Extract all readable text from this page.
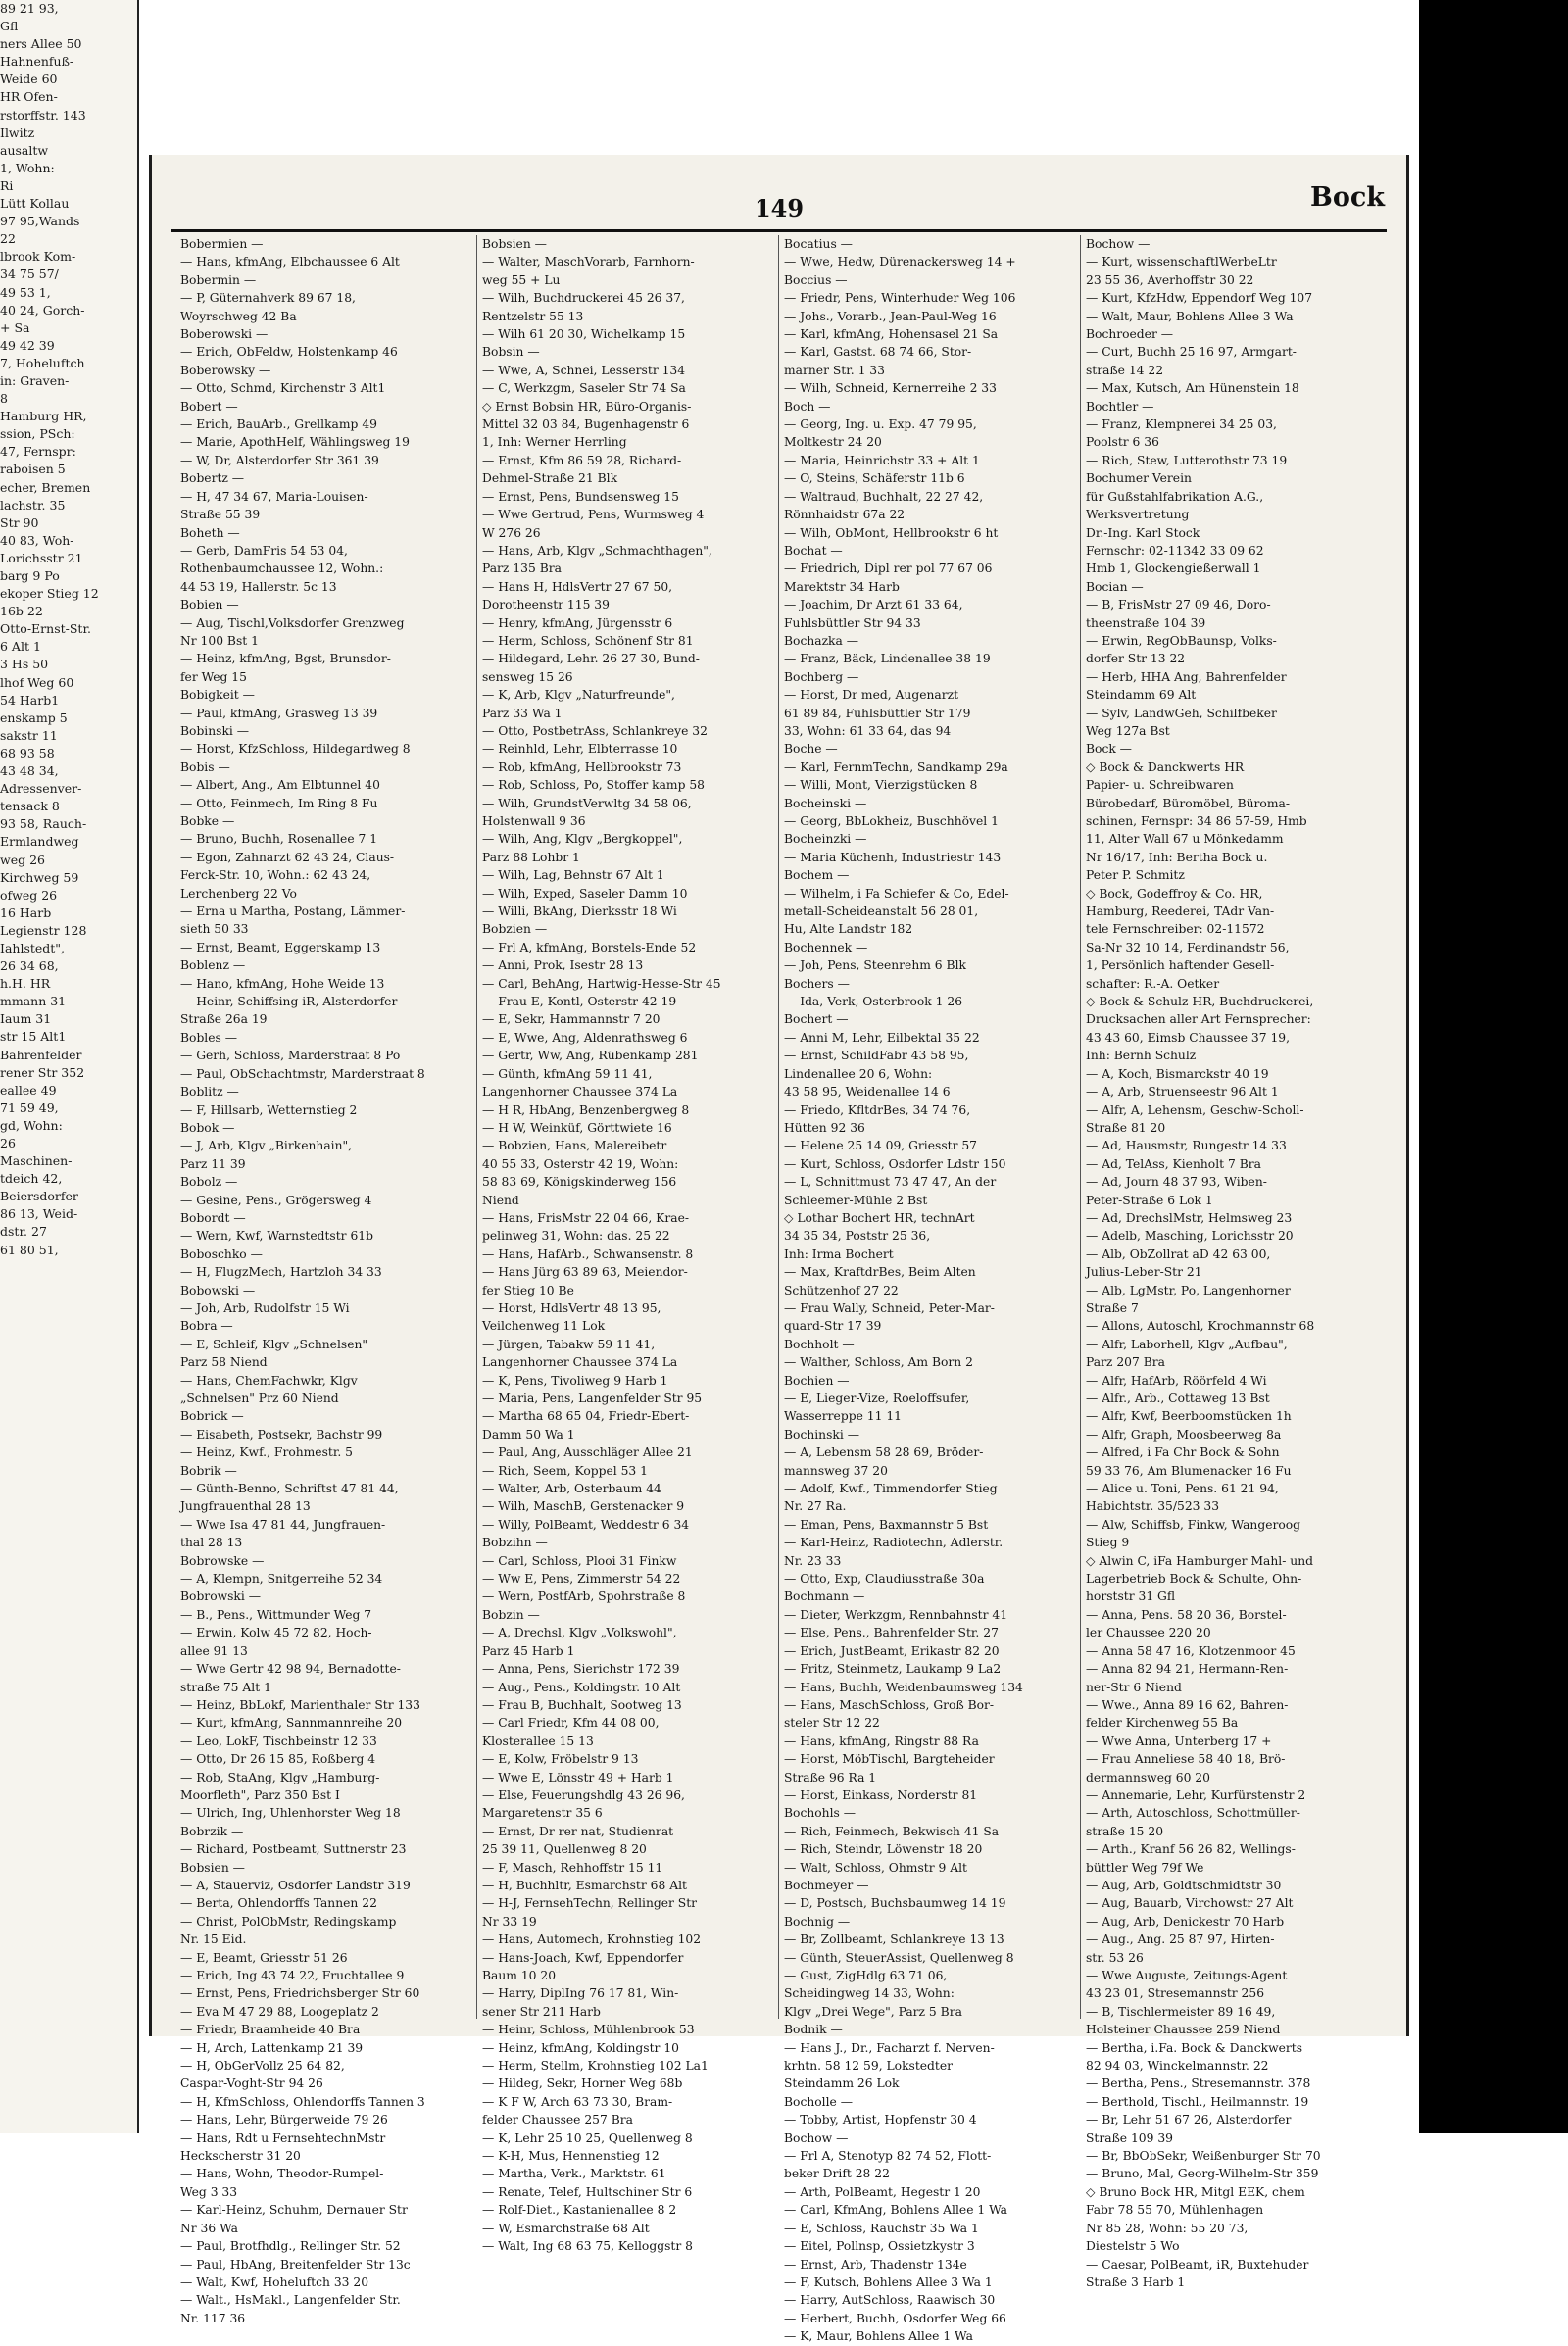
89 21 93,
Gfl
ners Allee 50
Hahnenfuß-
Weide 60
HR Ofen-
rstorffstr. 143
Ilwitz
ausaltw
1, Wohn:
Ri
Lütt Kollau
97 95,Wands
22
lbrook Kom-
34 75 57/
49 53 1,
40 24, Gorch-
+ Sa
49 42 39
7, Hoheluftch
in: Graven-
8
Hamburg HR,
ssion, PSch:
47, Fernspr:
raboisen 5
echer, Bremen
lachstr. 35
Str 90
40 83, Woh-
Lorichsstr 21
barg 9 Po
ekoper Stieg 12
16b 22
Otto-Ernst-Str.
6 Alt 1
3 Hs 50
lhof Weg 60
54 Harb1
enskamp 5
sakstr 11
68 93 58
43 48 34,
Adressenver-
tensack 8
93 58, Rauch-
Ermlandweg
weg 26
Kirchweg 59
ofweg 26
16 Harb
Legienstr 128
Iahlstedt",
26 34 68,
h.H. HR
mmann 31
Iaum 31
str 15 Alt1
Bahrenfelder
rener Str 352
eallee 49
71 59 49,
gd, Wohn:
26
Maschinen-
tdeich 42,
Beiersdorfer
86 13, Weid-
dstr. 27
61 80 51,
149	Bock
Bobermien —
— Hans, kfmAng, Elbchaussee 6 Alt
Bobermin —
— P, Güternahverk 89 67 18,
Woyrschweg 42 Ba
Boberowski —
— Erich, ObFeldw, Holstenkamp 46
Boberowsky —
— Otto, Schmd, Kirchenstr 3 Alt1
Bobert —
— Erich, BauArb., Grellkamp 49
— Marie, ApothHelf, Wählingsweg 19
— W, Dr, Alsterdorfer Str 361 39
Bobertz —
— H, 47 34 67, Maria-Louisen-
Straße 55 39
Boheth —
— Gerb, DamFris 54 53 04,
Rothenbaumchaussee 12, Wohn.:
44 53 19, Hallerstr. 5c 13
Bobien —
— Aug, Tischl,Volksdorfer Grenzweg
Nr 100 Bst 1
— Heinz, kfmAng, Bgst, Brunsdor-
fer Weg 15
Bobigkeit —
— Paul, kfmAng, Grasweg 13 39
Bobinski —
— Horst, KfzSchloss, Hildegardweg 8
Bobis —
— Albert, Ang., Am Elbtunnel 40
— Otto, Feinmech, Im Ring 8 Fu
Bobke —
— Bruno, Buchh, Rosenallee 7 1
— Egon, Zahnarzt 62 43 24, Claus-
Ferck-Str. 10, Wohn.: 62 43 24,
Lerchenberg 22 Vo
— Erna u Martha, Postang, Lämmer-
sieth 50 33
— Ernst, Beamt, Eggerskamp 13
Boblenz —
— Hano, kfmAng, Hohe Weide 13
— Heinr, Schiffsing iR, Alsterdorfer
Straße 26a 19
Bobles —
— Gerh, Schloss, Marderstraat 8 Po
— Paul, ObSchachtmstr, Marderstraat 8
Boblitz —
— F, Hillsarb, Wetternstieg 2
Bobok —
— J, Arb, Klgv „Birkenhain",
Parz 11 39
Bobolz —
— Gesine, Pens., Grögersweg 4
Bobordt —
— Wern, Kwf, Warnstedtstr 61b
Boboschko —
— H, FlugzMech, Hartzloh 34 33
Bobowski —
— Joh, Arb, Rudolfstr 15 Wi
Bobra —
— E, Schleif, Klgv „Schnelsen"
Parz 58 Niend
— Hans, ChemFachwkr, Klgv
„Schnelsen" Prz 60 Niend
Bobrick —
— Eisabeth, Postsekr, Bachstr 99
— Heinz, Kwf., Frohmestr. 5
Bobrik —
— Günth-Benno, Schriftst 47 81 44,
Jungfrauenthal 28 13
— Wwe Isa 47 81 44, Jungfrauen-
thal 28 13
Bobrowske —
— A, Klempn, Snitgerreihe 52 34
Bobrowski —
— B., Pens., Wittmunder Weg 7
— Erwin, Kolw 45 72 82, Hoch-
allee 91 13
— Wwe Gertr 42 98 94, Bernadotte-
straße 75 Alt 1
— Heinz, BbLokf, Marienthaler Str 133
— Kurt, kfmAng, Sannmannreihe 20
— Leo, LokF, Tischbeinstr 12 33
— Otto, Dr 26 15 85, Roßberg 4
— Rob, StaAng, Klgv „Hamburg-
Moorfleth", Parz 350 Bst I
— Ulrich, Ing, Uhlenhorster Weg 18
Bobrzik —
— Richard, Postbeamt, Suttnerstr 23
Bobsien —
— A, Stauerviz, Osdorfer Landstr 319
— Berta, Ohlendorffs Tannen 22
— Christ, PolObMstr, Redingskamp
Nr. 15 Eid.
— E, Beamt, Griesstr 51 26
— Erich, Ing 43 74 22, Fruchtallee 9
— Ernst, Pens, Friedrichsberger Str 60
— Eva M 47 29 88, Loogeplatz 2
— Friedr, Braamheide 40 Bra
— H, Arch, Lattenkamp 21 39
— H, ObGerVollz 25 64 82,
Caspar-Voght-Str 94 26
— H, KfmSchloss, Ohlendorffs Tannen 3
— Hans, Lehr, Bürgerweide 79 26
— Hans, Rdt u FernsehtechnMstr
Heckscherstr 31 20
— Hans, Wohn, Theodor-Rumpel-
Weg 3 33
— Karl-Heinz, Schuhm, Dernauer Str
Nr 36 Wa
— Paul, Brotfhdlg., Rellinger Str. 52
— Paul, HbAng, Breitenfelder Str 13c
— Walt, Kwf, Hoheluftch 33 20
— Walt., HsMakl., Langenfelder Str.
Nr. 117 36
Bobsien —
— Walter, MaschVorarb, Farnhorn-
weg 55 + Lu
— Wilh, Buchdruckerei 45 26 37,
Rentzelstr 55 13
— Wilh 61 20 30, Wichelkamp 15
Bobsin —
— Wwe, A, Schnei, Lesserstr 134
— C, Werkzgm, Saseler Str 74 Sa
◇ Ernst Bobsin HR, Büro-Organis-
Mittel 32 03 84, Bugenhagenstr 6
1, Inh: Werner Herrling
— Ernst, Kfm 86 59 28, Richard-
Dehmel-Straße 21 Blk
— Ernst, Pens, Bundsensweg 15
— Wwe Gertrud, Pens, Wurmsweg 4
W 276 26
— Hans, Arb, Klgv „Schmachthagen",
Parz 135 Bra
— Hans H, HdlsVertr 27 67 50,
Dorotheenstr 115 39
— Henry, kfmAng, Jürgensstr 6
— Herm, Schloss, Schönenf Str 81
— Hildegard, Lehr. 26 27 30, Bund-
sensweg 15 26
— K, Arb, Klgv „Naturfreunde",
Parz 33 Wa 1
— Otto, PostbetrAss, Schlankreye 32
— Reinhld, Lehr, Elbterrasse 10
— Rob, kfmAng, Hellbrookstr 73
— Rob, Schloss, Po, Stoffer kamp 58
— Wilh, GrundstVerwltg 34 58 06,
Holstenwall 9 36
— Wilh, Ang, Klgv „Bergkoppel",
Parz 88 Lohbr 1
— Wilh, Lag, Behnstr 67 Alt 1
— Wilh, Exped, Saseler Damm 10
— Willi, BkAng, Dierksstr 18 Wi
Bobzien —
— Frl A, kfmAng, Borstels-Ende 52
— Anni, Prok, Isestr 28 13
— Carl, BehAng, Hartwig-Hesse-Str 45
— Frau E, Kontl, Osterstr 42 19
— E, Sekr, Hammannstr 7 20
— E, Wwe, Ang, Aldenrathsweg 6
— Gertr, Ww, Ang, Rübenkamp 281
— Günth, kfmAng 59 11 41,
Langenhorner Chaussee 374 La
— H R, HbAng, Benzenbergweg 8
— H W, Weinküf, Görttwiete 16
— Bobzien, Hans, Malereibetr
40 55 33, Osterstr 42 19, Wohn:
58 83 69, Königskinderweg 156
Niend
— Hans, FrisMstr 22 04 66, Krae-
pelinweg 31, Wohn: das. 25 22
— Hans, HafArb., Schwansenstr. 8
— Hans Jürg 63 89 63, Meiendor-
fer Stieg 10 Be
— Horst, HdlsVertr 48 13 95,
Veilchenweg 11 Lok
— Jürgen, Tabakw 59 11 41,
Langenhorner Chaussee 374 La
— K, Pens, Tivoliweg 9 Harb 1
— Maria, Pens, Langenfelder Str 95
— Martha 68 65 04, Friedr-Ebert-
Damm 50 Wa 1
— Paul, Ang, Ausschläger Allee 21
— Rich, Seem, Koppel 53 1
— Walter, Arb, Osterbaum 44
— Wilh, MaschB, Gerstenacker 9
— Willy, PolBeamt, Weddestr 6 34
Bobzihn —
— Carl, Schloss, Plooi 31 Finkw
— Ww E, Pens, Zimmerstr 54 22
— Wern, PostfArb, Spohrstraße 8
Bobzin —
— A, Drechsl, Klgv „Volkswohl",
Parz 45 Harb 1
— Anna, Pens, Sierichstr 172 39
— Aug., Pens., Koldingstr. 10 Alt
— Frau B, Buchhalt, Sootweg 13
— Carl Friedr, Kfm 44 08 00,
Klosterallee 15 13
— E, Kolw, Fröbelstr 9 13
— Wwe E, Lönsstr 49 + Harb 1
— Else, Feuerungshdlg 43 26 96,
Margaretenstr 35 6
— Ernst, Dr rer nat, Studienrat
25 39 11, Quellenweg 8 20
— F, Masch, Rehhoffstr 15 11
— H, Buchhltr, Esmarchstr 68 Alt
— H-J, FernsehTechn, Rellinger Str
Nr 33 19
— Hans, Automech, Krohnstieg 102
— Hans-Joach, Kwf, Eppendorfer
Baum 10 20
— Harry, DiplIng 76 17 81, Win-
sener Str 211 Harb
— Heinr, Schloss, Mühlenbrook 53
— Heinz, kfmAng, Koldingstr 10
— Herm, Stellm, Krohnstieg 102 La1
— Hildeg, Sekr, Horner Weg 68b
— K F W, Arch 63 73 30, Bram-
felder Chaussee 257 Bra
— K, Lehr 25 10 25, Quellenweg 8
— K-H, Mus, Hennenstieg 12
— Martha, Verk., Marktstr. 61
— Renate, Telef, Hultschiner Str 6
— Rolf-Diet., Kastanienallee 8 2
— W, Esmarchstraße 68 Alt
— Walt, Ing 68 63 75, Kelloggstr 8
Bocatius —
— Wwe, Hedw, Dürenackersweg 14 +
Boccius —
— Friedr, Pens, Winterhuder Weg 106
— Johs., Vorarb., Jean-Paul-Weg 16
— Karl, kfmAng, Hohensasel 21 Sa
— Karl, Gastst. 68 74 66, Stor-
marner Str. 1 33
— Wilh, Schneid, Kernerreihe 2 33
Boch —
— Georg, Ing. u. Exp. 47 79 95,
Moltkestr 24 20
— Maria, Heinrichstr 33 + Alt 1
— O, Steins, Schäferstr 11b 6
— Waltraud, Buchhalt, 22 27 42,
Rönnhaidstr 67a 22
— Wilh, ObMont, Hellbrookstr 6 ht
Bochat —
— Friedrich, Dipl rer pol 77 67 06
Marektstr 34 Harb
— Joachim, Dr Arzt 61 33 64,
Fuhlsbüttler Str 94 33
Bochazka —
— Franz, Bäck, Lindenallee 38 19
Bochberg —
— Horst, Dr med, Augenarzt
61 89 84, Fuhlsbüttler Str 179
33, Wohn: 61 33 64, das 94
Boche —
— Karl, FernmTechn, Sandkamp 29a
— Willi, Mont, Vierzigstücken 8
Bocheinski —
— Georg, BbLokheiz, Buschhövel 1
Bocheinzki —
— Maria Küchenh, Industriestr 143
Bochem —
— Wilhelm, i Fa Schiefer & Co, Edel-
metall-Scheideanstalt 56 28 01,
Hu, Alte Landstr 182
Bochennek —
— Joh, Pens, Steenrehm 6 Blk
Bochers —
— Ida, Verk, Osterbrook 1 26
Bochert —
— Anni M, Lehr, Eilbektal 35 22
— Ernst, SchildFabr 43 58 95,
Lindenallee 20 6, Wohn:
43 58 95, Weidenallee 14 6
— Friedo, KfltdrBes, 34 74 76,
Hütten 92 36
— Helene 25 14 09, Griesstr 57
— Kurt, Schloss, Osdorfer Ldstr 150
— L, Schnittmust 73 47 47, An der
Schleemer-Mühle 2 Bst
◇ Lothar Bochert HR, technArt
34 35 34, Poststr 25 36,
Inh: Irma Bochert
— Max, KraftdrBes, Beim Alten
Schützenhof 27 22
— Frau Wally, Schneid, Peter-Mar-
quard-Str 17 39
Bochholt —
— Walther, Schloss, Am Born 2
Bochien —
— E, Lieger-Vize, Roeloffsufer,
Wasserreppe 11 11
Bochinski —
— A, Lebensm 58 28 69, Bröder-
mannsweg 37 20
— Adolf, Kwf., Timmendorfer Stieg
Nr. 27 Ra.
— Eman, Pens, Baxmannstr 5 Bst
— Karl-Heinz, Radiotechn, Adlerstr.
Nr. 23 33
— Otto, Exp, Claudiusstraße 30a
Bochmann —
— Dieter, Werkzgm, Rennbahnstr 41
— Else, Pens., Bahrenfelder Str. 27
— Erich, JustBeamt, Erikastr 82 20
— Fritz, Steinmetz, Laukamp 9 La2
— Hans, Buchh, Weidenbaumsweg 134
— Hans, MaschSchloss, Groß Bor-
steler Str 12 22
— Hans, kfmAng, Ringstr 88 Ra
— Horst, MöbTischl, Bargteheider
Straße 96 Ra 1
— Horst, Einkass, Norderstr 81
Bochohls —
— Rich, Feinmech, Bekwisch 41 Sa
— Rich, Steindr, Löwenstr 18 20
— Walt, Schloss, Ohmstr 9 Alt
Bochmeyer —
— D, Postsch, Buchsbaumweg 14 19
Bochnig —
— Br, Zollbeamt, Schlankreye 13 13
— Günth, SteuerAssist, Quellenweg 8
— Gust, ZigHdlg 63 71 06,
Scheidingweg 14 33, Wohn:
Klgv „Drei Wege", Parz 5 Bra
Bodnik —
— Hans J., Dr., Facharzt f. Nerven-
krhtn. 58 12 59, Lokstedter
Steindamm 26 Lok
Bocholle —
— Tobby, Artist, Hopfenstr 30 4
Bochow —
— Frl A, Stenotyp 82 74 52, Flott-
beker Drift 28 22
— Arth, PolBeamt, Hegestr 1 20
— Carl, KfmAng, Bohlens Allee 1 Wa
— E, Schloss, Rauchstr 35 Wa 1
— Eitel, Pollnsp, Ossietzkystr 3
— Ernst, Arb, Thadenstr 134e
— F, Kutsch, Bohlens Allee 3 Wa 1
— Harry, AutSchloss, Raawisch 30
— Herbert, Buchh, Osdorfer Weg 66
— K, Maur, Bohlens Allee 1 Wa
Bochow —
— Kurt, wissenschaftlWerbeLtr
23 55 36, Averhoffstr 30 22
— Kurt, KfzHdw, Eppendorf Weg 107
— Walt, Maur, Bohlens Allee 3 Wa
Bochroeder —
— Curt, Buchh 25 16 97, Armgart-
straße 14 22
— Max, Kutsch, Am Hünenstein 18
Bochtler —
— Franz, Klempnerei 34 25 03,
Poolstr 6 36
— Rich, Stew, Lutterothstr 73 19
Bochumer Verein
für Gußstahlfabrikation A.G.,
Werksvertretung
Dr.-Ing. Karl Stock
Fernschr: 02-11342 33 09 62
Hmb 1, Glockengießerwall 1
Bocian —
— B, FrisMstr 27 09 46, Doro-
theenstraße 104 39
— Erwin, RegObBaunsp, Volks-
dorfer Str 13 22
— Herb, HHA Ang, Bahrenfelder
Steindamm 69 Alt
— Sylv, LandwGeh, Schilfbeker
Weg 127a Bst
Bock —
◇ Bock & Danckwerts HR
Papier- u. Schreibwaren
Bürobedarf, Büromöbel, Büroma-
schinen, Fernspr: 34 86 57-59, Hmb
11, Alter Wall 67 u Mönkedamm
Nr 16/17, Inh: Bertha Bock u.
Peter P. Schmitz
◇ Bock, Godeffroy & Co. HR,
Hamburg, Reederei, TAdr Van-
tele Fernschreiber: 02-11572
Sa-Nr 32 10 14, Ferdinandstr 56,
1, Persönlich haftender Gesell-
schafter: R.-A. Oetker
◇ Bock & Schulz HR, Buchdruckerei,
Drucksachen aller Art Fernsprecher:
43 43 60, Eimsb Chaussee 37 19,
Inh: Bernh Schulz
— A, Koch, Bismarckstr 40 19
— A, Arb, Struenseestr 96 Alt 1
— Alfr, A, Lehensm, Geschw-Scholl-
Straße 81 20
— Ad, Hausmstr, Rungestr 14 33
— Ad, TelAss, Kienholt 7 Bra
— Ad, Journ 48 37 93, Wiben-
Peter-Straße 6 Lok 1
— Ad, DrechslMstr, Helmsweg 23
— Adelb, Masching, Lorichsstr 20
— Alb, ObZollrat aD 42 63 00,
Julius-Leber-Str 21
— Alb, LgMstr, Po, Langenhorner
Straße 7
— Allons, Autoschl, Krochmannstr 68
— Alfr, Laborhell, Klgv „Aufbau",
Parz 207 Bra
— Alfr, HafArb, Röörfeld 4 Wi
— Alfr., Arb., Cottaweg 13 Bst
— Alfr, Kwf, Beerboomstücken 1h
— Alfr, Graph, Moosbeerweg 8a
— Alfred, i Fa Chr Bock & Sohn
59 33 76, Am Blumenacker 16 Fu
— Alice u. Toni, Pens. 61 21 94,
Habichtstr. 35/523 33
— Alw, Schiffsb, Finkw, Wangeroog
Stieg 9
◇ Alwin C, iFa Hamburger Mahl- und
Lagerbetrieb Bock & Schulte, Ohn-
horststr 31 Gfl
— Anna, Pens. 58 20 36, Borstel-
ler Chaussee 220 20
— Anna 58 47 16, Klotzenmoor 45
— Anna 82 94 21, Hermann-Ren-
ner-Str 6 Niend
— Wwe., Anna 89 16 62, Bahren-
felder Kirchenweg 55 Ba
— Wwe Anna, Unterberg 17 +
— Frau Anneliese 58 40 18, Brö-
dermannsweg 60 20
— Annemarie, Lehr, Kurfürstenstr 2
— Arth, Autoschloss, Schottmüller-
straße 15 20
— Arth., Kranf 56 26 82, Wellings-
büttler Weg 79f We
— Aug, Arb, Goldtschmidtstr 30
— Aug, Bauarb, Virchowstr 27 Alt
— Aug, Arb, Denickestr 70 Harb
— Aug., Ang. 25 87 97, Hirten-
str. 53 26
— Wwe Auguste, Zeitungs-Agent
43 23 01, Stresemannstr 256
— B, Tischlermeister 89 16 49,
Holsteiner Chaussee 259 Niend
— Bertha, i.Fa. Bock & Danckwerts
82 94 03, Winckelmannstr. 22
— Bertha, Pens., Stresemannstr. 378
— Berthold, Tischl., Heilmannstr. 19
— Br, Lehr 51 67 26, Alsterdorfer
Straße 109 39
— Br, BbObSekr, Weißenburger Str 70
— Bruno, Mal, Georg-Wilhelm-Str 359
◇ Bruno Bock HR, Mitgl EEK, chem
Fabr 78 55 70, Mühlenhagen
Nr 85 28, Wohn: 55 20 73,
Diestelstr 5 Wo
— Caesar, PolBeamt, iR, Buxtehuder
Straße 3 Harb 1
